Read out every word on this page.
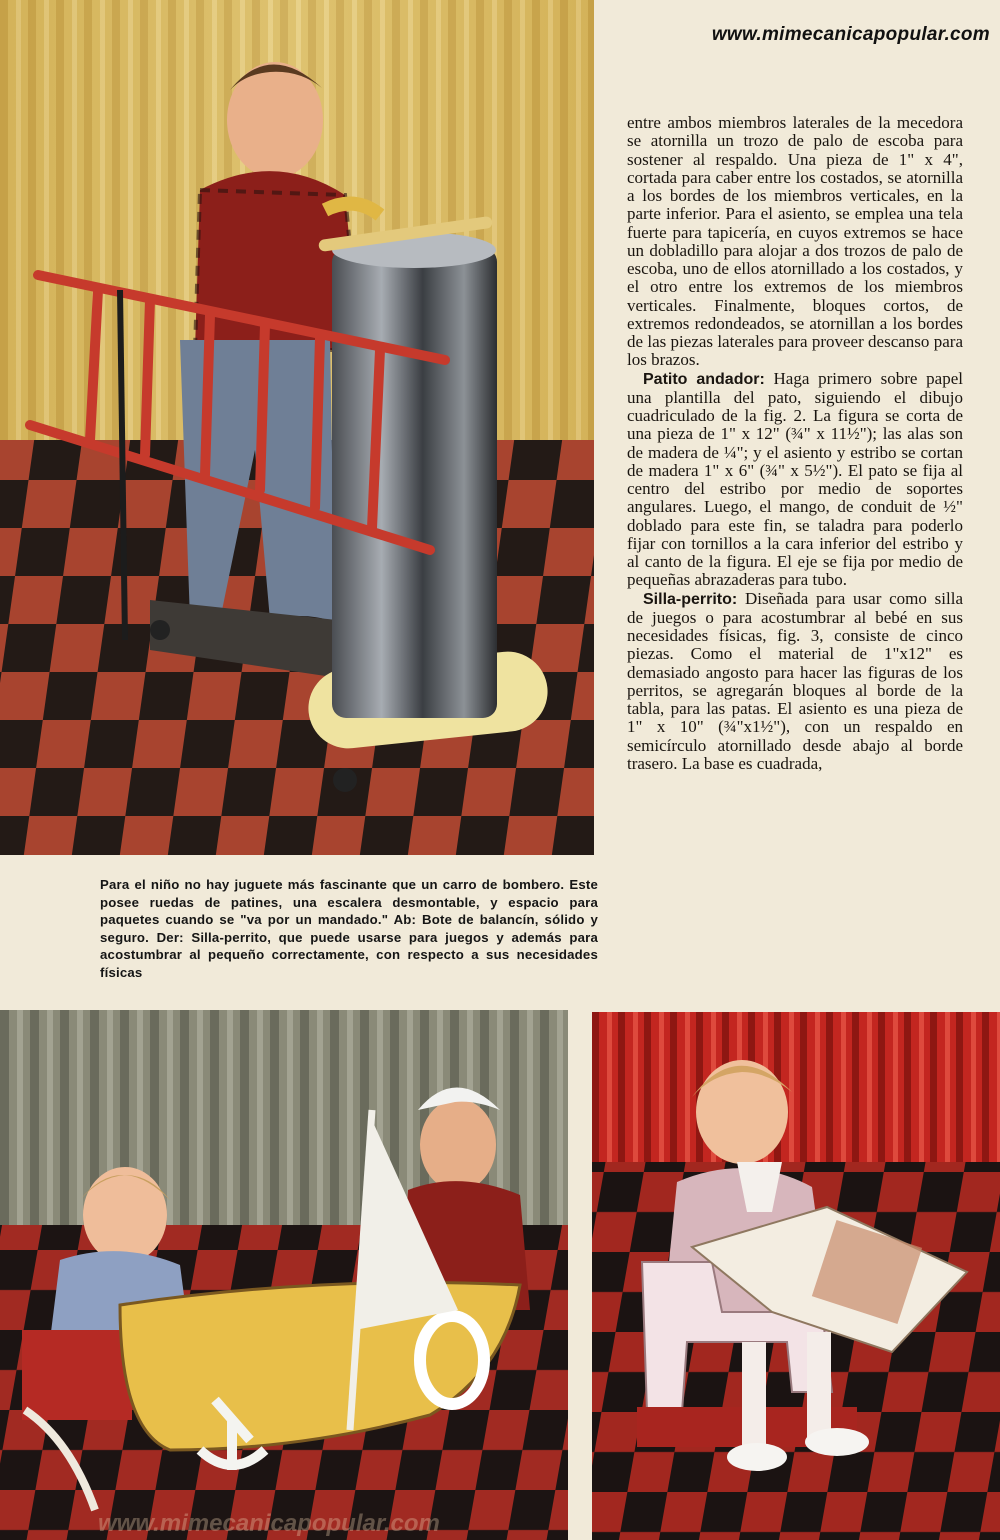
www.mimecanicapopular.com

entre ambos miembros laterales de la mecedora se atornilla un trozo de palo de escoba para sostener al respaldo. Una pieza de 1" x 4", cortada para caber entre los costados, se atornilla a los bordes de los miembros verticales, en la parte inferior. Para el asiento, se emplea una tela fuerte para tapicería, en cuyos extremos se hace un dobladillo para alojar a dos trozos de palo de escoba, uno de ellos atornillado a los costados, y el otro entre los extremos de los miembros verticales. Finalmente, bloques cortos, de extremos redondeados, se atornillan a los bordes de las piezas laterales para proveer descanso para los brazos.

Patito andador: Haga primero sobre papel una plantilla del pato, siguiendo el dibujo cuadriculado de la fig. 2. La figura se corta de una pieza de 1" x 12" (¾" x 11½"); las alas son de madera de ¼"; y el asiento y estribo se cortan de madera 1" x 6" (¾" x 5½"). El pato se fija al centro del estribo por medio de soportes angulares. Luego, el mango, de conduit de ½" doblado para este fin, se taladra para poderlo fijar con tornillos a la cara inferior del estribo y al canto de la figura. El eje se fija por medio de pequeñas abrazaderas para tubo.

Silla-perrito: Diseñada para usar como silla de juegos o para acostumbrar al bebé en sus necesidades físicas, fig. 3, consiste de cinco piezas. Como el material de 1"x12" es demasiado angosto para hacer las figuras de los perritos, se agregarán bloques al borde de la tabla, para las patas. El asiento es una pieza de 1" x 10" (¾"x1½"), con un respaldo en semicírculo atornillado desde abajo al borde trasero. La base es cuadrada,

Para el niño no hay juguete más fascinante que un carro de bombero. Este posee ruedas de patines, una escalera desmontable, y espacio para paquetes cuando se "va por un mandado." Ab: Bote de balancín, sólido y seguro. Der: Silla-perrito, que puede usarse para juegos y además para acostumbrar al pequeño correctamente, con respecto a sus necesidades físicas
www.mimecanicapopular.com
